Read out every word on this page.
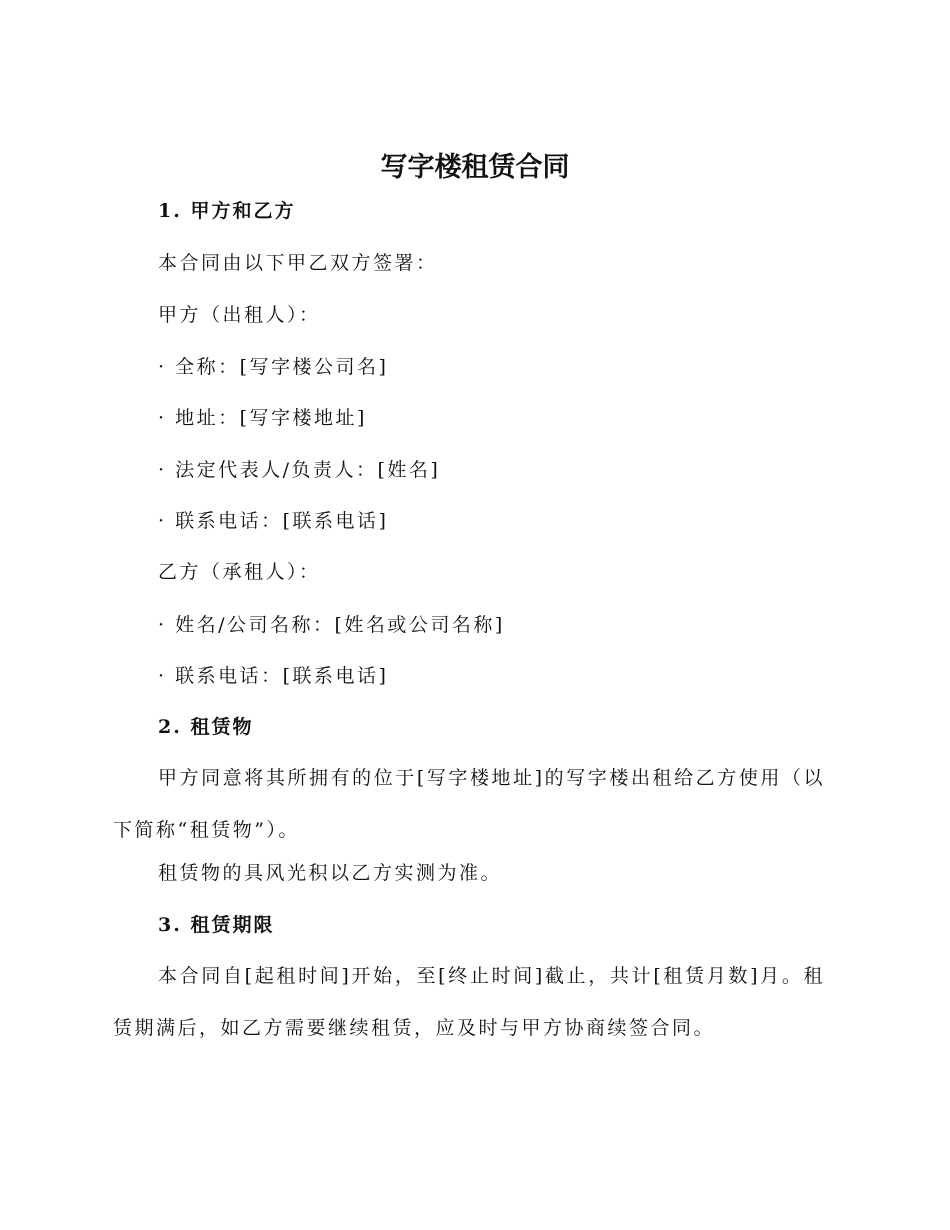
写字楼租赁合同
1. 甲方和乙方
本合同由以下甲乙双方签署：
甲方（出租人）：
· 全称：[写字楼公司名]
· 地址：[写字楼地址]
· 法定代表人/负责人：[姓名]
· 联系电话：[联系电话]
乙方（承租人）：
· 姓名/公司名称：[姓名或公司名称]
· 联系电话：[联系电话]
2. 租赁物
甲方同意将其所拥有的位于[写字楼地址]的写字楼出租给乙方使用（以下简称“租赁物”）。
租赁物的具风光积以乙方实测为准。
3. 租赁期限
本合同自[起租时间]开始，至[终止时间]截止，共计[租赁月数]月。租赁期满后，如乙方需要继续租赁，应及时与甲方协商续签合同。
